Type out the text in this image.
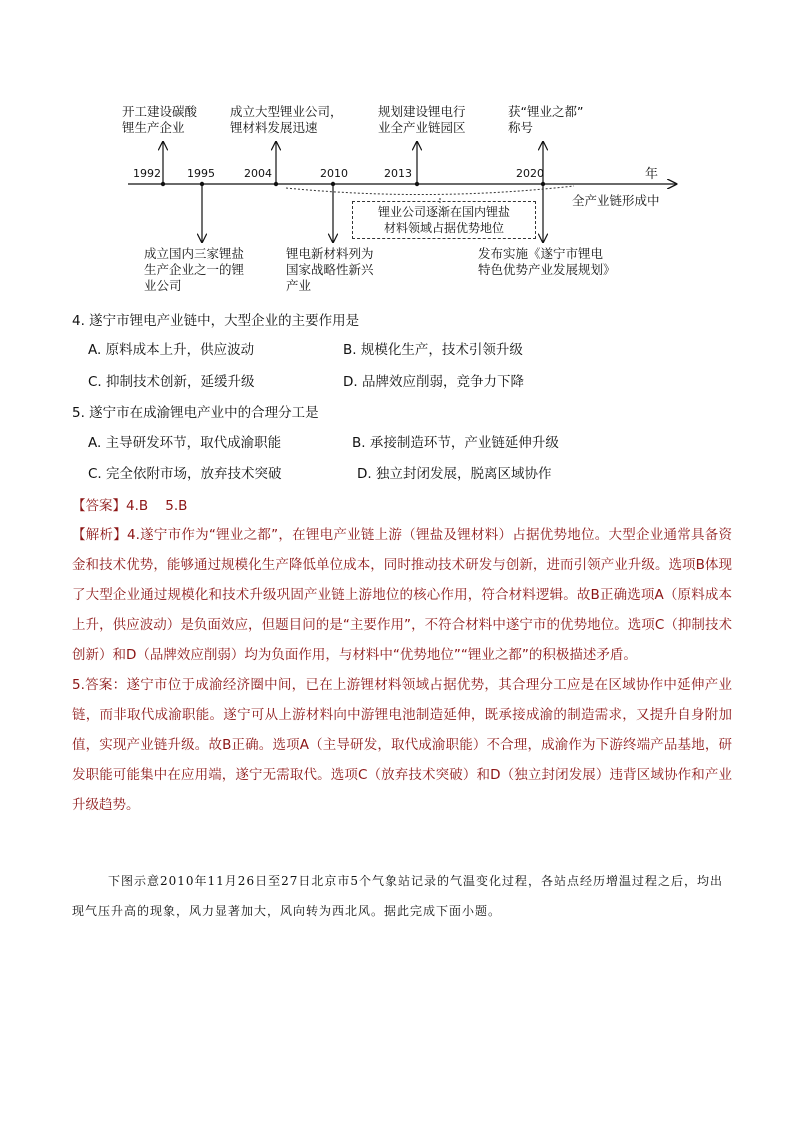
1992 1995	2004	2010	2013	2020	年
开工建设碳酸
锂生产企业
成立大型锂业公司，
锂材料发展迅速
规划建设锂电行
业全产业链园区
获“锂业之都”
称号
成立国内三家锂盐
生产企业之一的锂
业公司
锂电新材料列为
国家战略性新兴
产业
发布实施《遂宁市锂电
特色优势产业发展规划》
锂业公司逐渐在国内锂盐
材料领域占据优势地位
全产业链形成中
4. 遂宁市锂电产业链中，大型企业的主要作用是
A. 原料成本上升，供应波动	B. 规模化生产，技术引领升级
C. 抑制技术创新，延缓升级	D. 品牌效应削弱，竞争力下降
5. 遂宁市在成渝锂电产业中的合理分工是
A. 主导研发环节，取代成渝职能	B. 承接制造环节，产业链延伸升级
C. 完全依附市场，放弃技术突破	D. 独立封闭发展，脱离区域协作
【答案】4.B    5.B

【解析】4.遂宁市作为“锂业之都”，在锂电产业链上游（锂盐及锂材料）占据优势地位。大型企业通常具备资金和技术优势，能够通过规模化生产降低单位成本，同时推动技术研发与创新，进而引领产业升级。选项B体现了大型企业通过规模化和技术升级巩固产业链上游地位的核心作用，符合材料逻辑。故B正确选项A（原料成本上升，供应波动）是负面效应，但题目问的是“主要作用”，不符合材料中遂宁市的优势地位。选项C（抑制技术创新）和D（品牌效应削弱）均为负面作用，与材料中“优势地位”“锂业之都”的积极描述矛盾。

5.答案：遂宁市位于成渝经济圈中间，已在上游锂材料领域占据优势，其合理分工应是在区域协作中延伸产业链，而非取代成渝职能。遂宁可从上游材料向中游锂电池制造延伸，既承接成渝的制造需求，又提升自身附加值，实现产业链升级。故B正确。选项A（主导研发，取代成渝职能）不合理，成渝作为下游终端产品基地，研发职能可能集中在应用端，遂宁无需取代。选项C（放弃技术突破）和D（独立封闭发展）违背区域协作和产业升级趋势。

下图示意2010年11月26日至27日北京市5个气象站记录的气温变化过程，各站点经历增温过程之后，均出现气压升高的现象，风力显著加大，风向转为西北风。据此完成下面小题。
